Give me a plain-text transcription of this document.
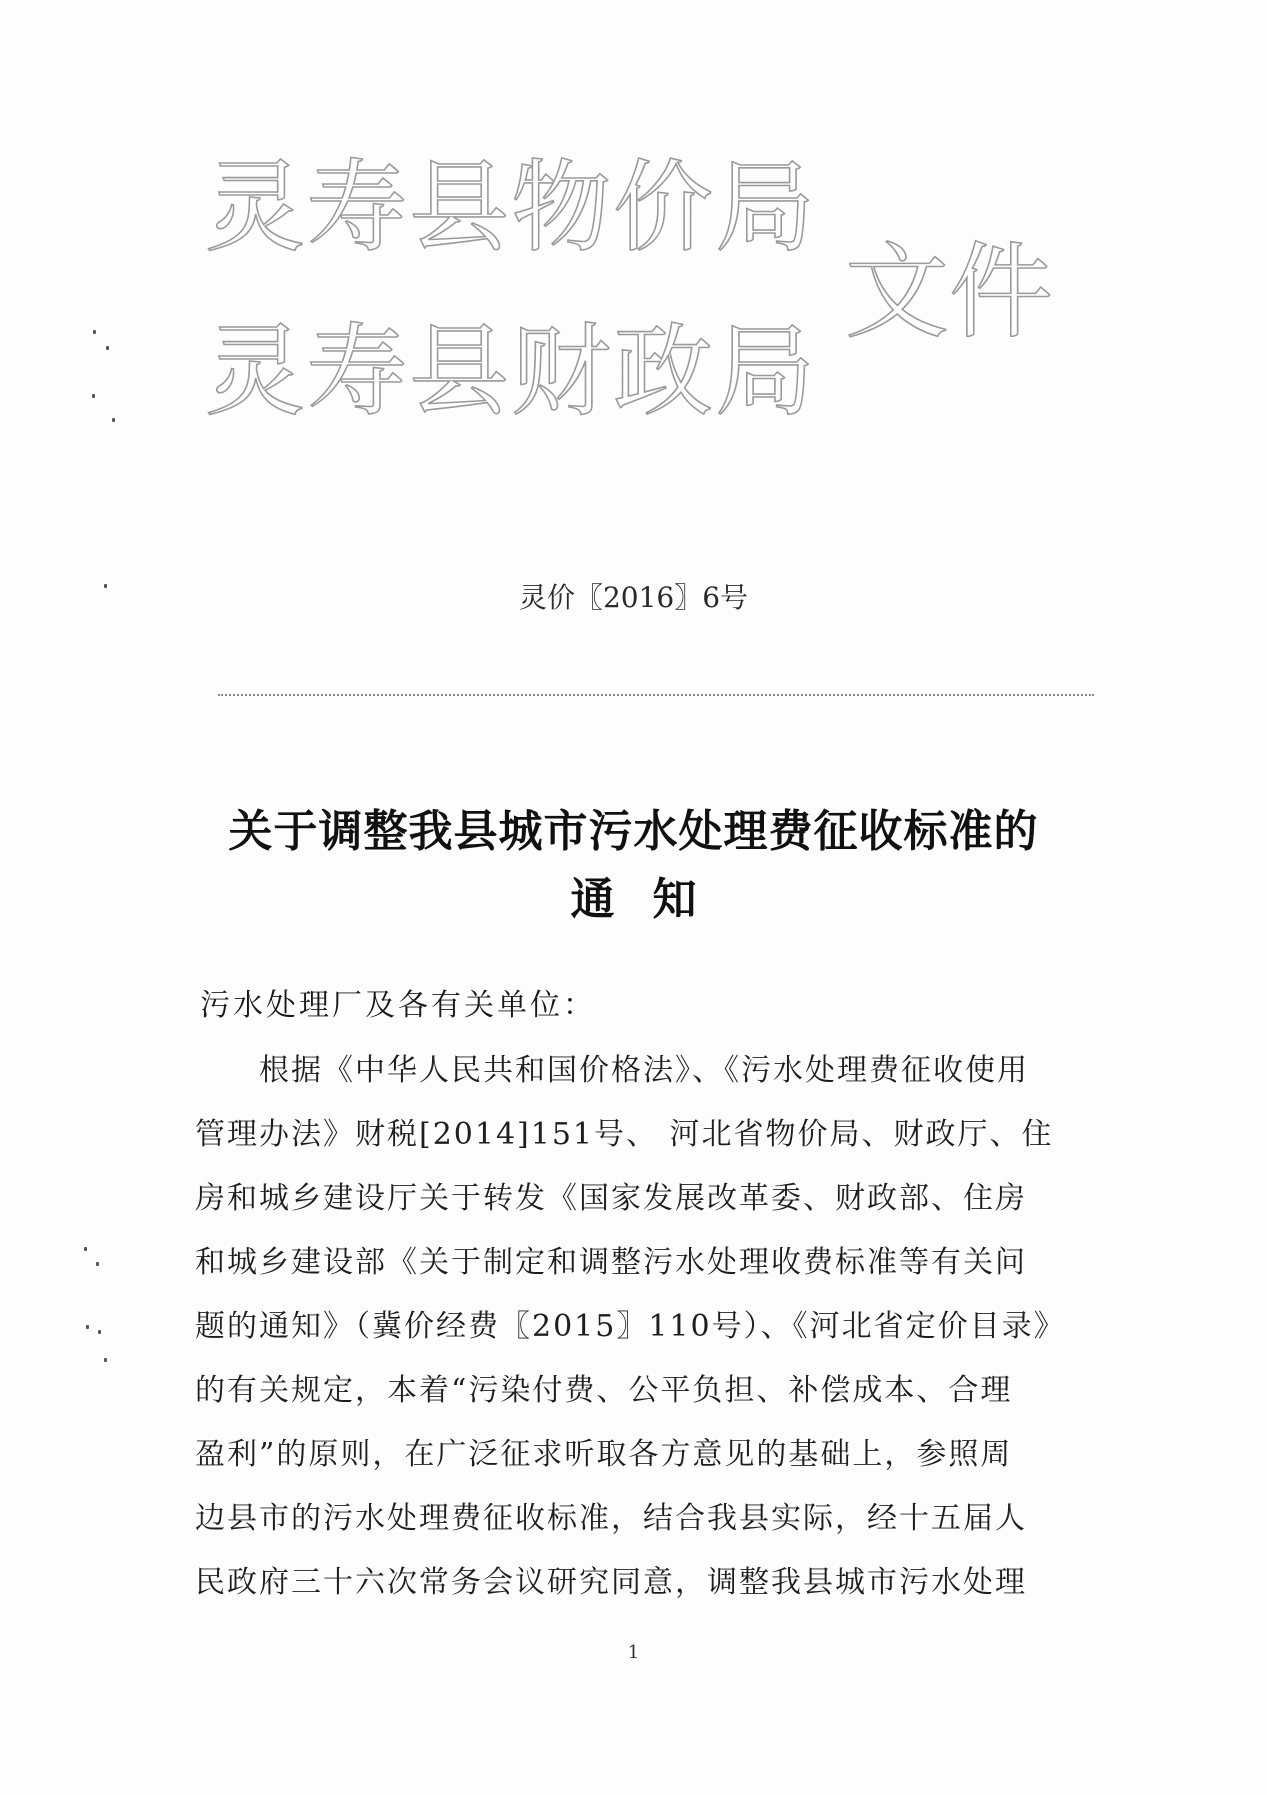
灵寿县物价局
灵寿县财政局
文件
灵价〖2016〗6号
关于调整我县城市污水处理费征收标准的
通知
污水处理厂及各有关单位：
　　根据《中华人民共和国价格法》、《污水处理费征收使用
管理办法》财税[2014]151号、 河北省物价局、财政厅、住
房和城乡建设厅关于转发《国家发展改革委、财政部、住房
和城乡建设部《关于制定和调整污水处理收费标准等有关问
题的通知》（冀价经费〖2015〗110号）、《河北省定价目录》
的有关规定，本着“污染付费、公平负担、补偿成本、合理
盈利”的原则，在广泛征求听取各方意见的基础上，参照周
边县市的污水处理费征收标准，结合我县实际，经十五届人
民政府三十六次常务会议研究同意，调整我县城市污水处理
1
